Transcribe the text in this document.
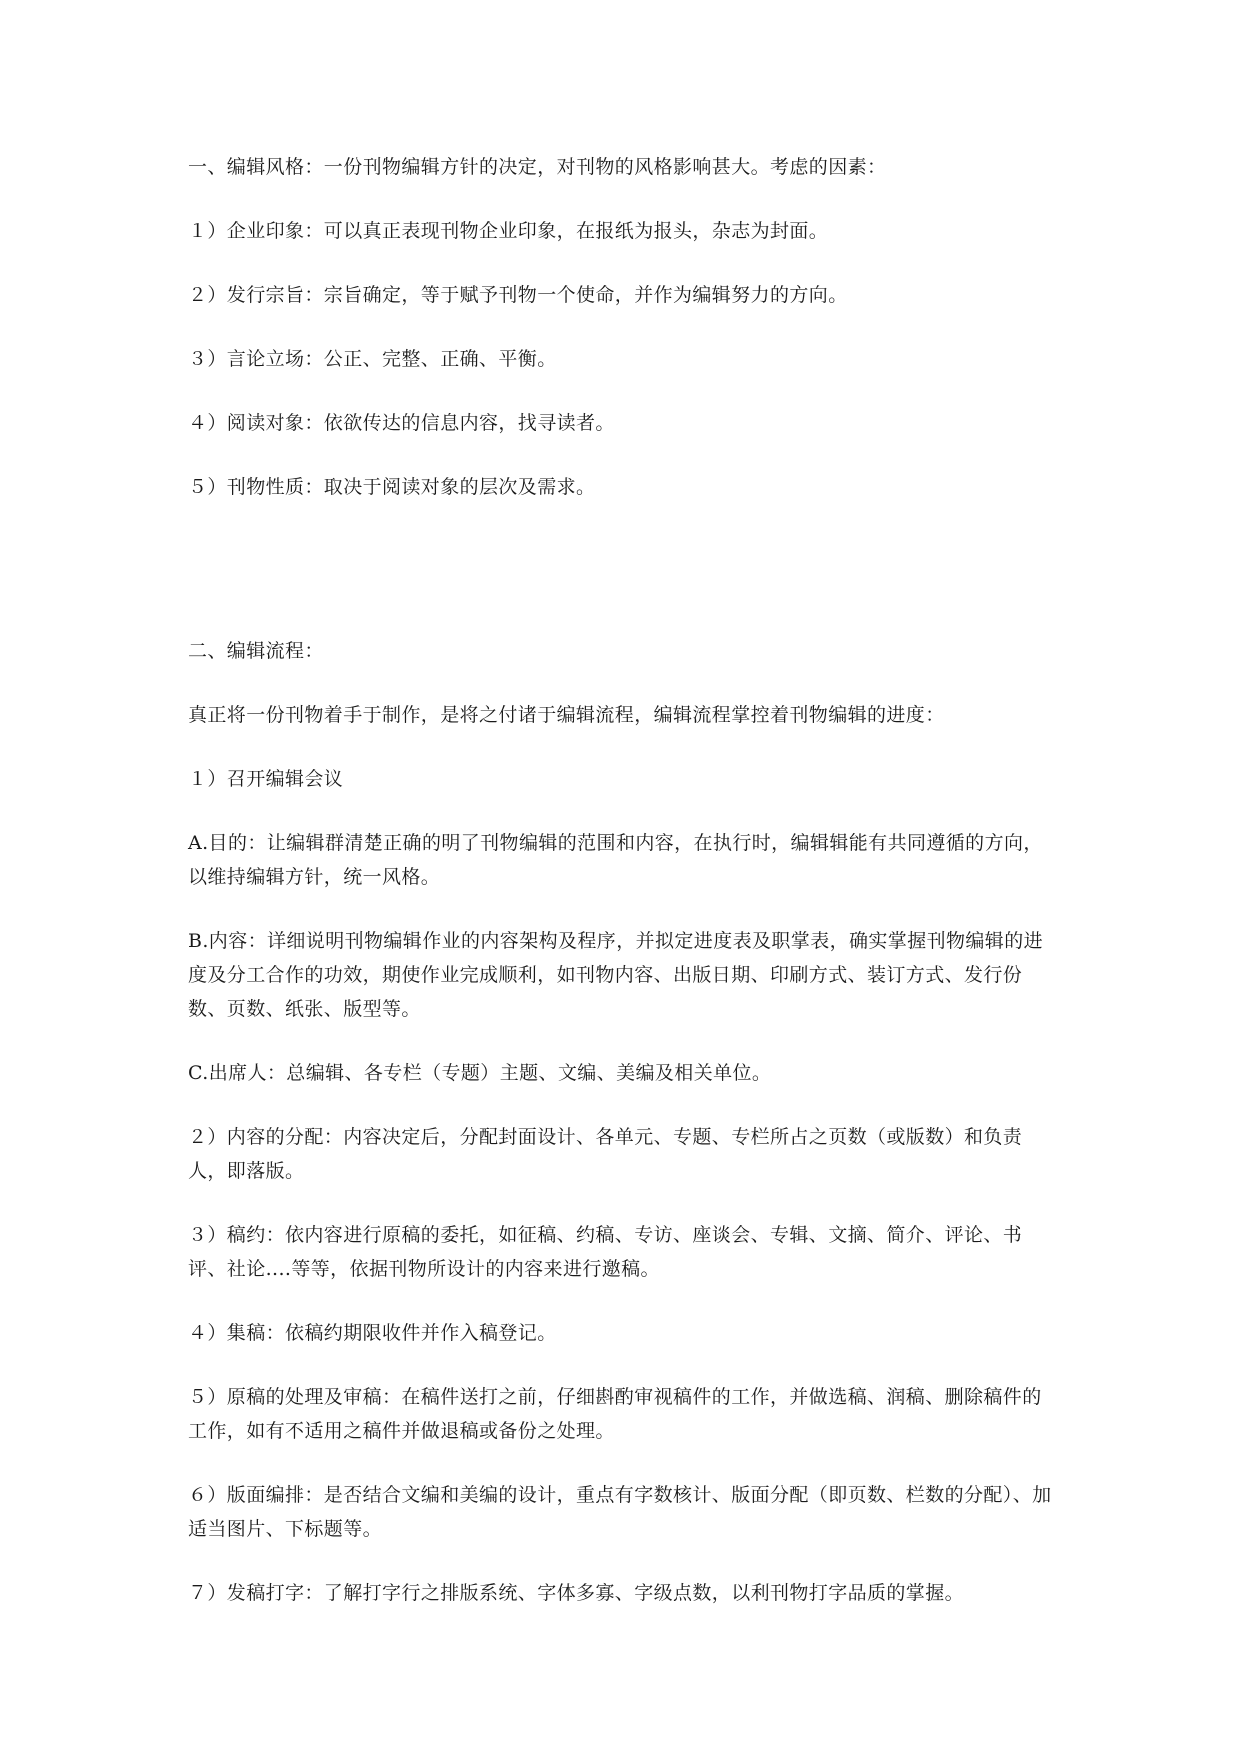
一、编辑风格：一份刊物编辑方针的决定，对刊物的风格影响甚大。考虑的因素：

１）企业印象：可以真正表现刊物企业印象，在报纸为报头，杂志为封面。

２）发行宗旨：宗旨确定，等于赋予刊物一个使命，并作为编辑努力的方向。

３）言论立场：公正、完整、正确、平衡。

４）阅读对象：依欲传达的信息内容，找寻读者。

５）刊物性质：取决于阅读对象的层次及需求。

二、编辑流程：

真正将一份刊物着手于制作，是将之付诸于编辑流程，编辑流程掌控着刊物编辑的进度：

１）召开编辑会议

A.目的：让编辑群清楚正确的明了刊物编辑的范围和内容，在执行时，编辑辑能有共同遵循的方向，以维持编辑方针，统一风格。

B.内容：详细说明刊物编辑作业的内容架构及程序，并拟定进度表及职掌表，确实掌握刊物编辑的进度及分工合作的功效，期使作业完成顺利，如刊物内容、出版日期、印刷方式、装订方式、发行份数、页数、纸张、版型等。

C.出席人：总编辑、各专栏（专题）主题、文编、美编及相关单位。

２）内容的分配：内容决定后，分配封面设计、各单元、专题、专栏所占之页数（或版数）和负责人，即落版。

３）稿约：依内容进行原稿的委托，如征稿、约稿、专访、座谈会、专辑、文摘、简介、评论、书评、社论....等等，依据刊物所设计的内容来进行邀稿。

４）集稿：依稿约期限收件并作入稿登记。

５）原稿的处理及审稿：在稿件送打之前，仔细斟酌审视稿件的工作，并做选稿、润稿、删除稿件的工作，如有不适用之稿件并做退稿或备份之处理。

６）版面编排：是否结合文编和美编的设计，重点有字数核计、版面分配（即页数、栏数的分配）、加适当图片、下标题等。

７）发稿打字：了解打字行之排版系统、字体多寡、字级点数，以利刊物打字品质的掌握。
